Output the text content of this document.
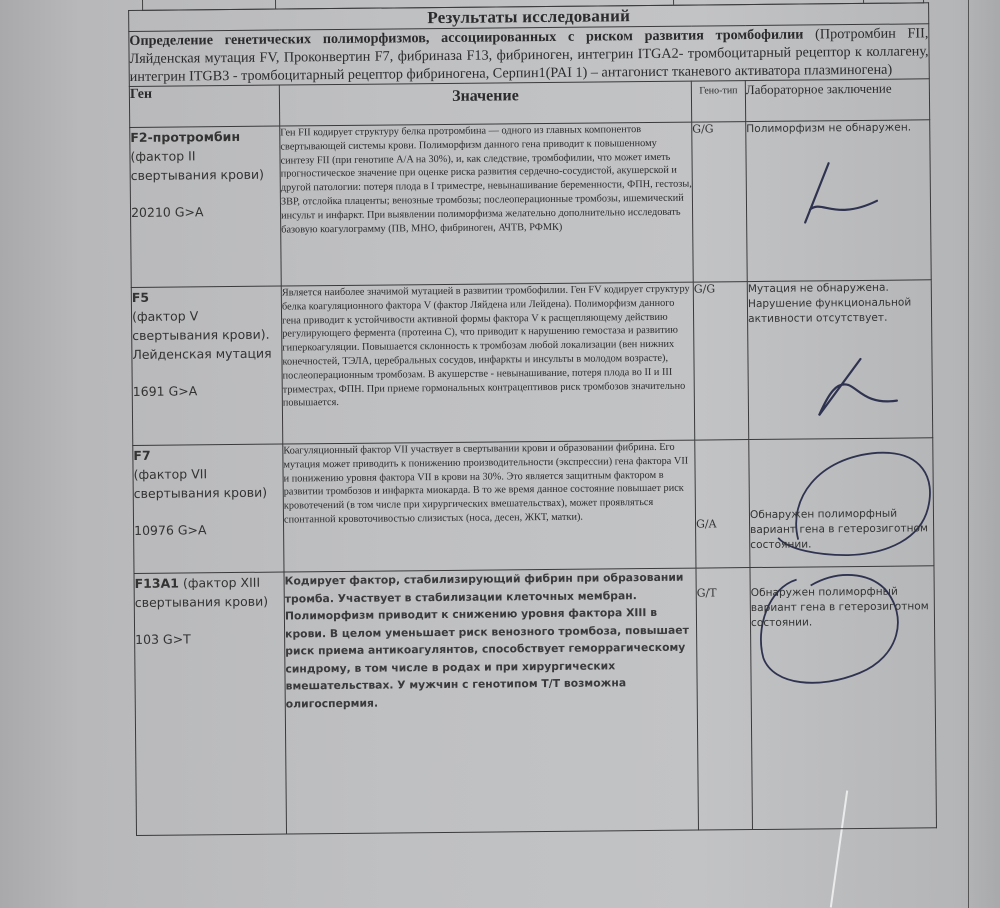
Результаты исследований			
Определение генетических полиморфизмов, ассоциированных с риском развития тромбофилии (Протромбин FII, Ляйденская мутация FV, Проконвертин F7, фибриназа F13, фибриноген, интегрин ITGA2- тромбоцитарный рецептор к коллагену, интегрин ITGB3 - тромбоцитарный рецептор фибриногена, Серпин1(PAI 1) – антагонист тканевого активатора плазминогена)			
Ген	Значение	Гено-тип	Лабораторное заключение

F2-протромбин
(фактор II свертывания крови)
20210 G>A
	Ген FII кодирует структуру белка протромбина — одного из главных компонентов свертывающей системы крови. Полиморфизм данного гена приводит к повышенному синтезу FII (при генотипе A/A на 30%), и, как следствие, тромбофилии, что может иметь прогностическое значение при оценке риска развития сердечно-сосудистой, акушерской и другой патологии: потеря плода в I триместре, невынашивание беременности, ФПН, гестозы, ЗВР, отслойка плаценты; венозные тромбозы; послеоперационные тромбозы, ишемический инсульт и инфаркт. При выявлении полиморфизма желательно дополнительно исследовать базовую коагулограмму (ПВ, МНО, фибриноген, АЧТВ, РФМК)	G/G	Полиморфизм не обнаружен.

F5
(фактор V свертывания крови). Лейденская мутация
1691 G>A
	Является наиболее значимой мутацией в развитии тромбофилии. Ген FV кодирует структуру белка коагуляционного фактора V (фактор Ляйдена или Лейдена). Полиморфизм данного гена приводит к устойчивости активной формы фактора V к расщепляющему действию регулирующего фермента (протеина С), что приводит к нарушению гемостаза и развитию гиперкоагуляции. Повышается склонность к тромбозам любой локализации (вен нижних конечностей, ТЭЛА, церебральных сосудов, инфаркты и инсульты в молодом возрасте), послеоперационным тромбозам. В акушерстве - невынашивание, потеря плода во II и III триместрах, ФПН. При приеме гормональных контрацептивов риск тромбозов значительно повышается.	G/G	Мутация не обнаружена. Нарушение функциональной активности отсутствует.

F7
(фактор VII свертывания крови)
10976 G>A
	Коагуляционный фактор VII участвует в свертывании крови и образовании фибрина. Его мутация может приводить к понижению производительности (экспрессии) гена фактора VII и понижению уровня фактора VII в крови на 30%. Это является защитным фактором в развитии тромбозов и инфаркта миокарда. В то же время данное состояние повышает риск кровотечений (в том числе при хирургических вмешательствах), может проявляться спонтанной кровоточивостью слизистых (носа, десен, ЖКТ, матки).	G/A	
Обнаружен полиморфный вариант гена в гетерозиготном состоянии.

F13A1 (фактор XIII свертывания крови)
103 G>T	Кодирует фактор, стабилизирующий фибрин при образовании тромба. Участвует в стабилизации клеточных мембран. Полиморфизм приводит к снижению уровня фактора XIII в крови. В целом уменьшает риск венозного тромбоза, повышает риск приема антикоагулянтов, способствует геморрагическому синдрому, в том числе в родах и при хирургических вмешательствах. У мужчин с генотипом Т/Т возможна олигоспермия.	G/T	Обнаружен полиморфный вариант гена в гетерозиготном состоянии.
